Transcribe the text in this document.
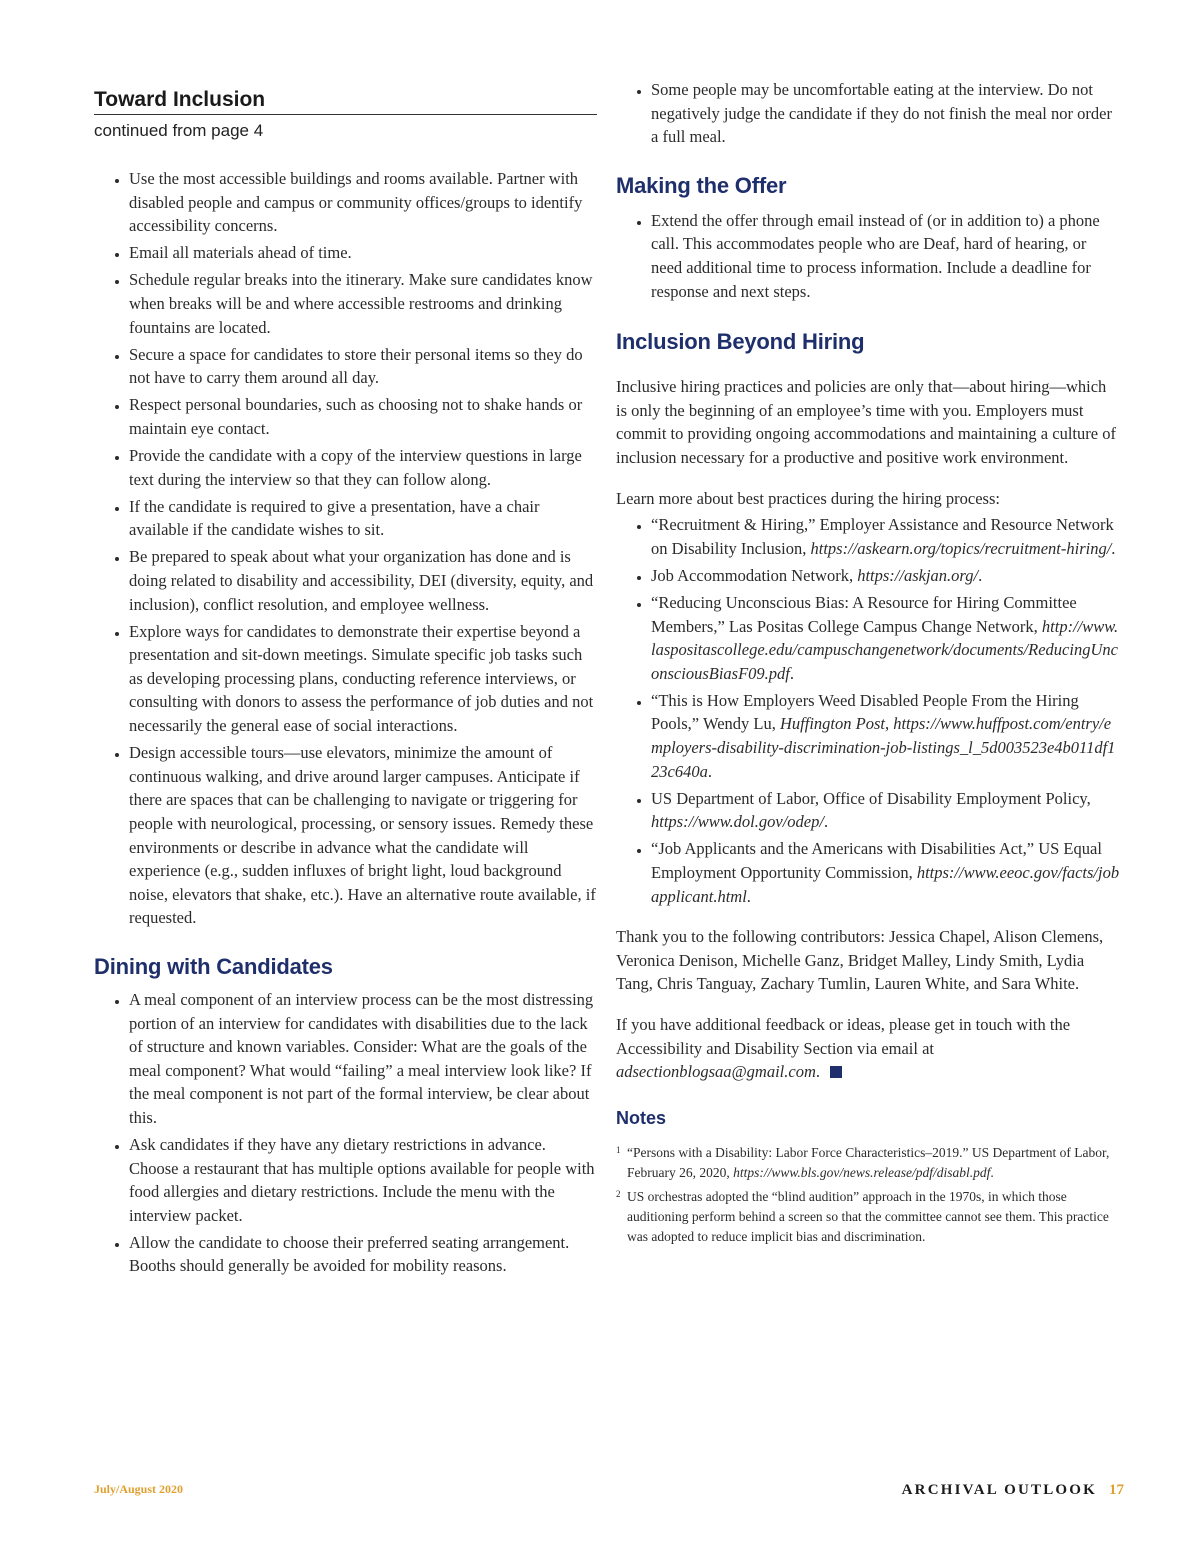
Toward Inclusion

continued from page 4

• Use the most accessible buildings and rooms available. Partner with disabled people and campus or community offices/groups to identify accessibility concerns.
• Email all materials ahead of time.
• Schedule regular breaks into the itinerary. Make sure candidates know when breaks will be and where accessible restrooms and drinking fountains are located.
• Secure a space for candidates to store their personal items so they do not have to carry them around all day.
• Respect personal boundaries, such as choosing not to shake hands or maintain eye contact.
• Provide the candidate with a copy of the interview questions in large text during the interview so that they can follow along.
• If the candidate is required to give a presentation, have a chair available if the candidate wishes to sit.
• Be prepared to speak about what your organization has done and is doing related to disability and accessibility, DEI (diversity, equity, and inclusion), conflict resolution, and employee wellness.
• Explore ways for candidates to demonstrate their expertise beyond a presentation and sit-down meetings. Simulate specific job tasks such as developing processing plans, conducting reference interviews, or consulting with donors to assess the performance of job duties and not necessarily the general ease of social interactions.
• Design accessible tours—use elevators, minimize the amount of continuous walking, and drive around larger campuses. Anticipate if there are spaces that can be challenging to navigate or triggering for people with neurological, processing, or sensory issues. Remedy these environments or describe in advance what the candidate will experience (e.g., sudden influxes of bright light, loud background noise, elevators that shake, etc.). Have an alternative route available, if requested.
Dining with Candidates
• A meal component of an interview process can be the most distressing portion of an interview for candidates with disabilities due to the lack of structure and known variables. Consider: What are the goals of the meal component? What would “failing” a meal interview look like? If the meal component is not part of the formal interview, be clear about this.
• Ask candidates if they have any dietary restrictions in advance. Choose a restaurant that has multiple options available for people with food allergies and dietary restrictions. Include the menu with the interview packet.
• Allow the candidate to choose their preferred seating arrangement. Booths should generally be avoided for mobility reasons.
• Some people may be uncomfortable eating at the interview. Do not negatively judge the candidate if they do not finish the meal nor order a full meal.
Making the Offer
• Extend the offer through email instead of (or in addition to) a phone call. This accommodates people who are Deaf, hard of hearing, or need additional time to process information. Include a deadline for response and next steps.
Inclusion Beyond Hiring

Inclusive hiring practices and policies are only that—about hiring—which is only the beginning of an employee’s time with you. Employers must commit to providing ongoing accommodations and maintaining a culture of inclusion necessary for a productive and positive work environment.

Learn more about best practices during the hiring process:

• “Recruitment & Hiring,” Employer Assistance and Resource Network on Disability Inclusion, https://askearn.org/topics/recruitment-hiring/.
• Job Accommodation Network, https://askjan.org/.
• “Reducing Unconscious Bias: A Resource for Hiring Committee Members,” Las Positas College Campus Change Network, http://www.laspositascollege.edu/campuschangenetwork/documents/ReducingUnconsciousBiasF09.pdf.
• “This is How Employers Weed Disabled People From the Hiring Pools,” Wendy Lu, Huffington Post, https://www.huffpost.com/entry/employers-disability-discrimination-job-listings_l_5d003523e4b011df123c640a.
• US Department of Labor, Office of Disability Employment Policy, https://www.dol.gov/odep/.
• “Job Applicants and the Americans with Disabilities Act,” US Equal Employment Opportunity Commission, https://www.eeoc.gov/facts/jobapplicant.html.

Thank you to the following contributors: Jessica Chapel, Alison Clemens, Veronica Denison, Michelle Ganz, Bridget Malley, Lindy Smith, Lydia Tang, Chris Tanguay, Zachary Tumlin, Lauren White, and Sara White.

If you have additional feedback or ideas, please get in touch with the Accessibility and Disability Section via email at adsectionblogsaa@gmail.com.

Notes

1 “Persons with a Disability: Labor Force Characteristics–2019.” US Department of Labor, February 26, 2020, https://www.bls.gov/news.release/pdf/disabl.pdf.

2 US orchestras adopted the “blind audition” approach in the 1970s, in which those auditioning perform behind a screen so that the committee cannot see them. This practice was adopted to reduce implicit bias and discrimination.

July/August 2020	ARCHIVAL OUTLOOK 17
